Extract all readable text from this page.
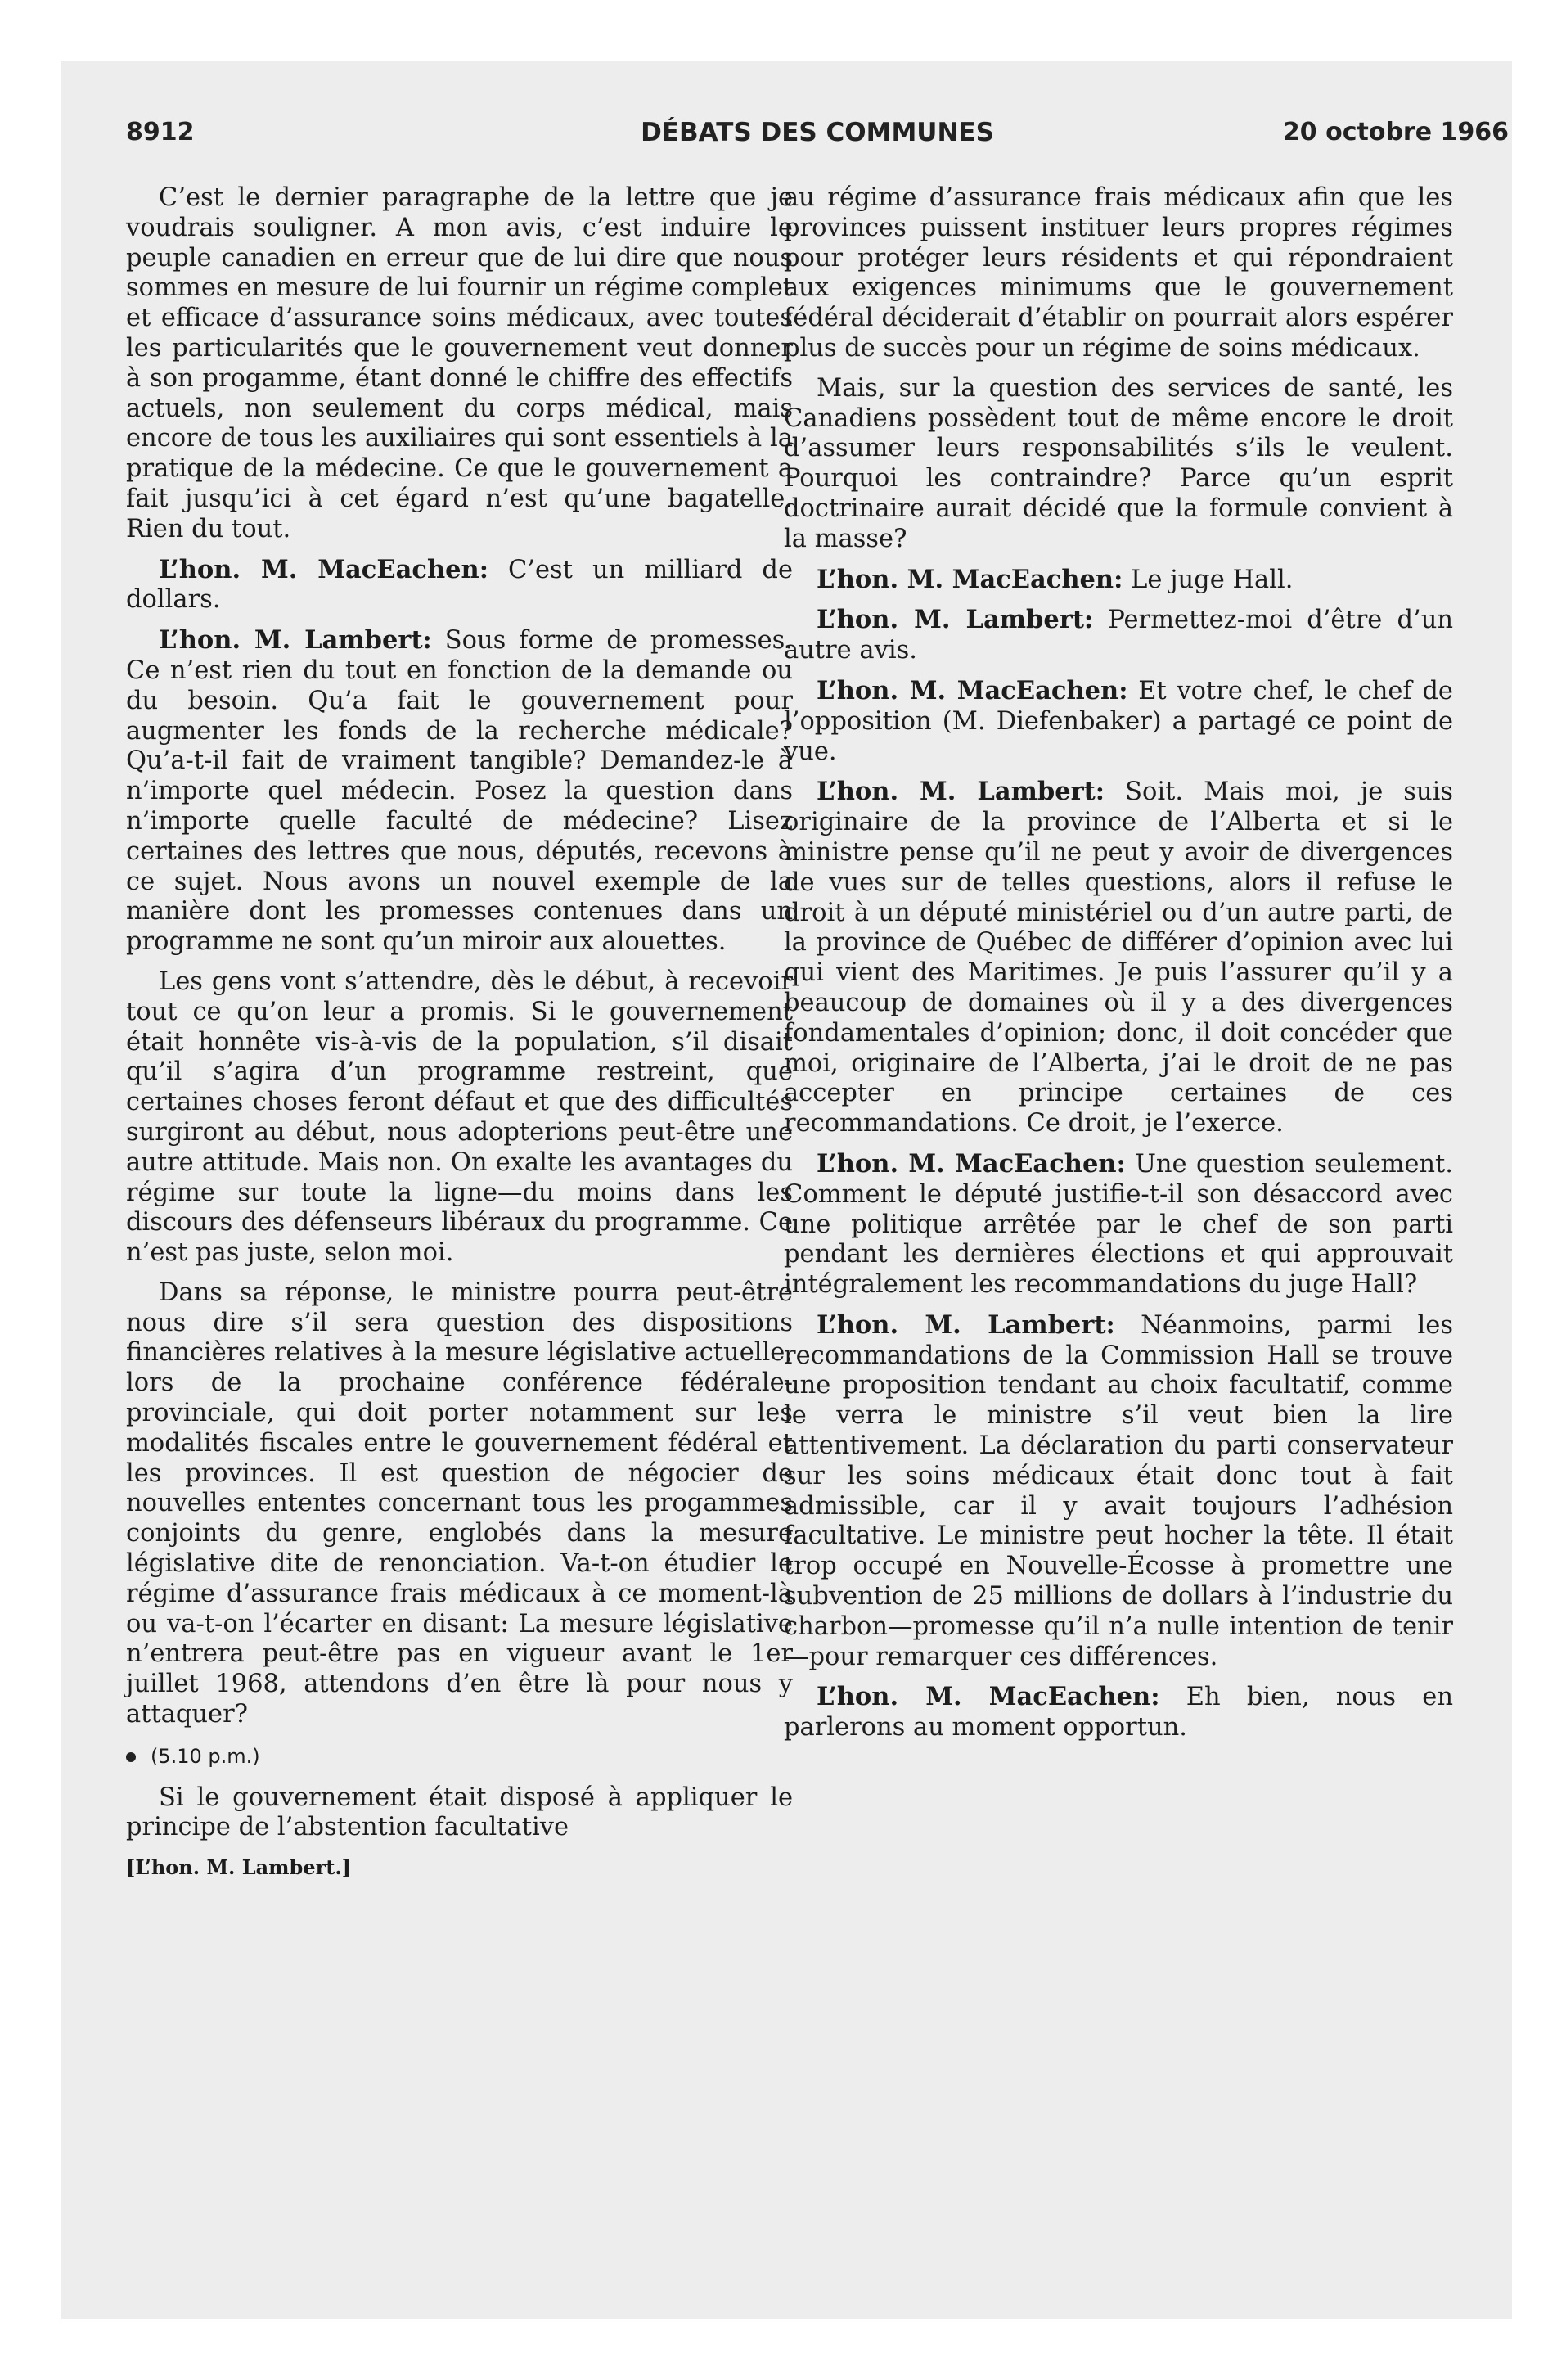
8912	DÉBATS DES COMMUNES	20 octobre 1966

C’est le dernier paragraphe de la lettre que je voudrais souligner. A mon avis, c’est induire le peuple canadien en erreur que de lui dire que nous sommes en mesure de lui fournir un régime complet et efficace d’assurance soins médicaux, avec toutes les particularités que le gouvernement veut donner à son progamme, étant donné le chiffre des effectifs actuels, non seulement du corps médical, mais encore de tous les auxiliaires qui sont essentiels à la pratique de la médecine. Ce que le gouvernement a fait jusqu’ici à cet égard n’est qu’une bagatelle. Rien du tout.

L’hon. M. MacEachen: C’est un milliard de dollars.

L’hon. M. Lambert: Sous forme de promesses. Ce n’est rien du tout en fonction de la demande ou du besoin. Qu’a fait le gouvernement pour augmenter les fonds de la recherche médicale? Qu’a-t-il fait de vraiment tangible? Demandez-le à n’importe quel médecin. Posez la question dans n’importe quelle faculté de médecine? Lisez certaines des lettres que nous, députés, recevons à ce sujet. Nous avons un nouvel exemple de la manière dont les promesses contenues dans un programme ne sont qu’un miroir aux alouettes.

Les gens vont s’attendre, dès le début, à recevoir tout ce qu’on leur a promis. Si le gouvernement était honnête vis-à-vis de la population, s’il disait qu’il s’agira d’un programme restreint, que certaines choses feront défaut et que des difficultés surgiront au début, nous adopterions peut-être une autre attitude. Mais non. On exalte les avantages du régime sur toute la ligne—du moins dans les discours des défenseurs libéraux du programme. Ce n’est pas juste, selon moi.

Dans sa réponse, le ministre pourra peut-être nous dire s’il sera question des dispositions financières relatives à la mesure législative actuelle, lors de la prochaine conférence fédérale-provinciale, qui doit porter notamment sur les modalités fiscales entre le gouvernement fédéral et les provinces. Il est question de négocier de nouvelles ententes concernant tous les progammes conjoints du genre, englobés dans la mesure législative dite de renonciation. Va-t-on étudier le régime d’assurance frais médicaux à ce moment-là ou va-t-on l’écarter en disant: La mesure législative n’entrera peut-être pas en vigueur avant le 1er juillet 1968, attendons d’en être là pour nous y attaquer?

(5.10 p.m.)

Si le gouvernement était disposé à appliquer le principe de l’abstention facultative

[L’hon. M. Lambert.]

au régime d’assurance frais médicaux afin que les provinces puissent instituer leurs propres régimes pour protéger leurs résidents et qui répondraient aux exigences minimums que le gouvernement fédéral déciderait d’établir on pourrait alors espérer plus de succès pour un régime de soins médicaux.

Mais, sur la question des services de santé, les Canadiens possèdent tout de même encore le droit d’assumer leurs responsabilités s’ils le veulent. Pourquoi les contraindre? Parce qu’un esprit doctrinaire aurait décidé que la formule convient à la masse?

L’hon. M. MacEachen: Le juge Hall.

L’hon. M. Lambert: Permettez-moi d’être d’un autre avis.

L’hon. M. MacEachen: Et votre chef, le chef de l’opposition (M. Diefenbaker) a partagé ce point de vue.

L’hon. M. Lambert: Soit. Mais moi, je suis originaire de la province de l’Alberta et si le ministre pense qu’il ne peut y avoir de divergences de vues sur de telles questions, alors il refuse le droit à un député ministériel ou d’un autre parti, de la province de Québec de différer d’opinion avec lui qui vient des Maritimes. Je puis l’assurer qu’il y a beaucoup de domaines où il y a des divergences fondamentales d’opinion; donc, il doit concéder que moi, originaire de l’Alberta, j’ai le droit de ne pas accepter en principe certaines de ces recommandations. Ce droit, je l’exerce.

L’hon. M. MacEachen: Une question seulement. Comment le député justifie-t-il son désaccord avec une politique arrêtée par le chef de son parti pendant les dernières élections et qui approuvait intégralement les recommandations du juge Hall?

L’hon. M. Lambert: Néanmoins, parmi les recommandations de la Commission Hall se trouve une proposition tendant au choix facultatif, comme le verra le ministre s’il veut bien la lire attentivement. La déclaration du parti conservateur sur les soins médicaux était donc tout à fait admissible, car il y avait toujours l’adhésion facultative. Le ministre peut hocher la tête. Il était trop occupé en Nouvelle-Écosse à promettre une subvention de 25 millions de dollars à l’industrie du charbon—promesse qu’il n’a nulle intention de tenir—pour remarquer ces différences.

L’hon. M. MacEachen: Eh bien, nous en parlerons au moment opportun.
